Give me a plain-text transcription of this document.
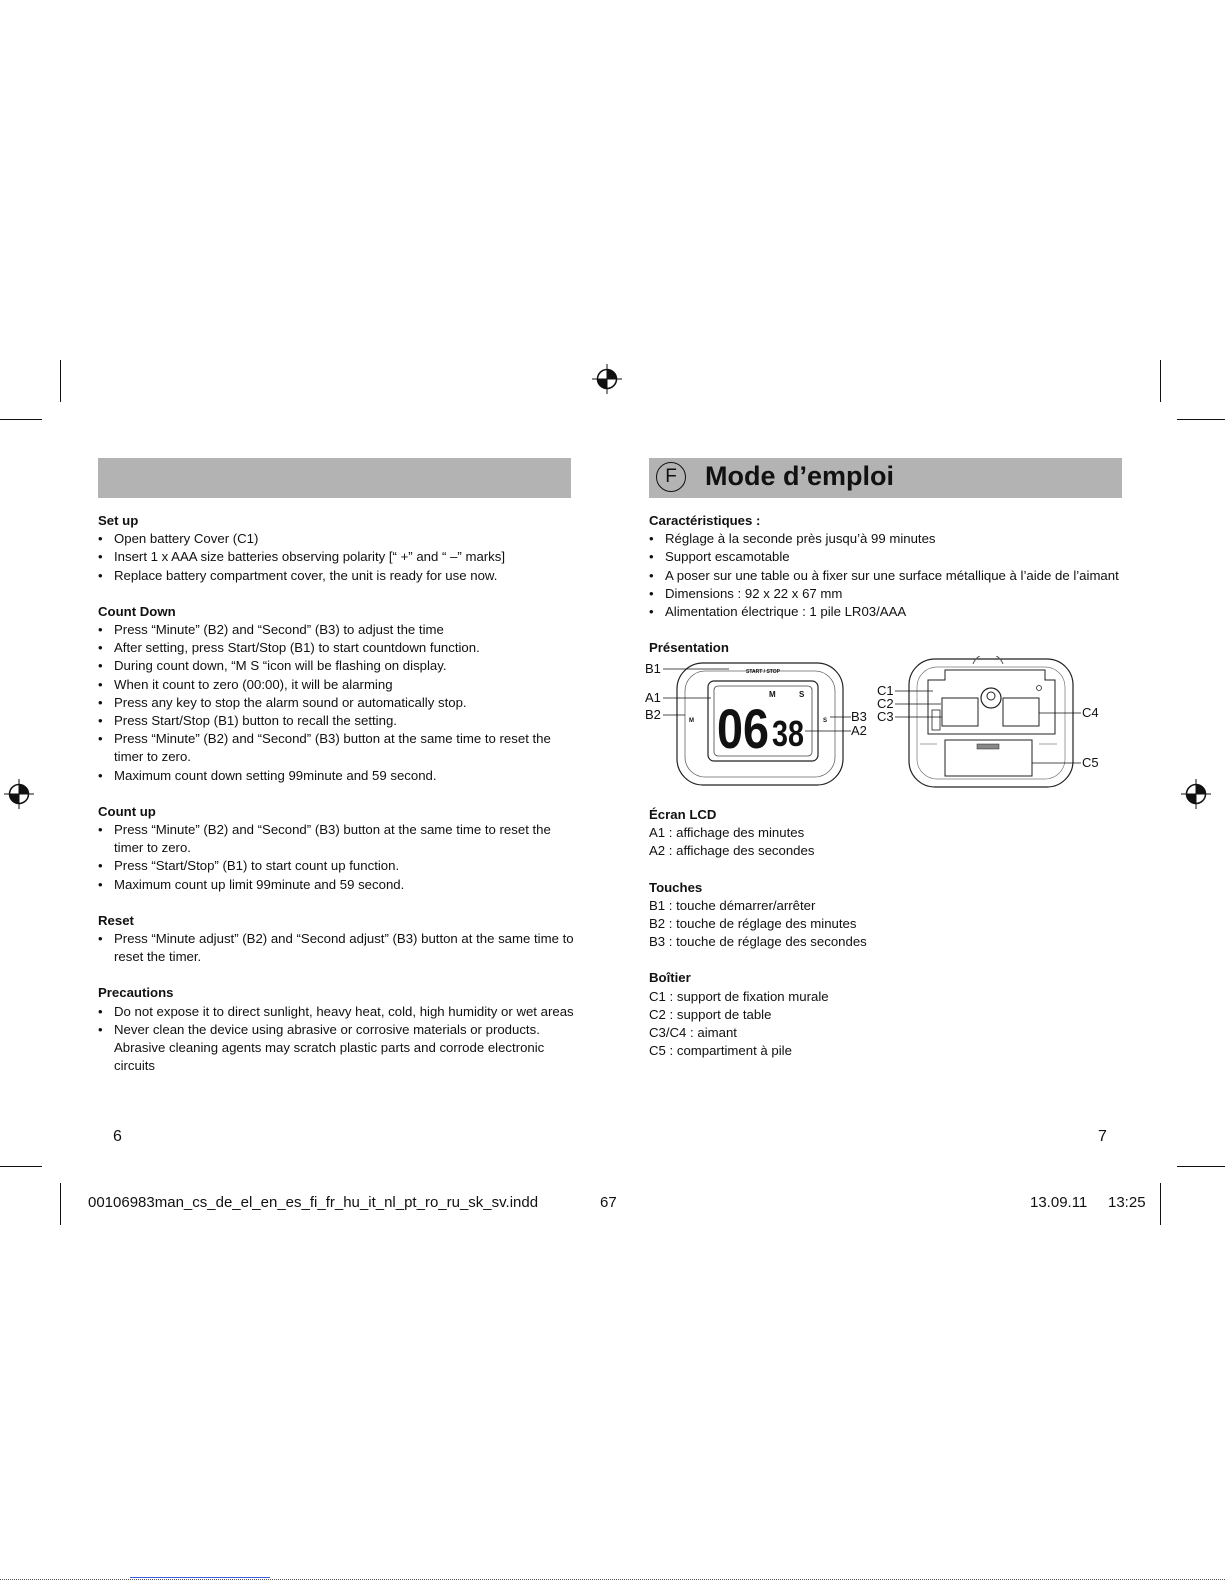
F	Mode d’emploi
Set up
• Open battery Cover (C1)
• Insert 1 x AAA size batteries observing polarity [“ +” and “ –” marks]
• Replace battery compartment cover, the unit is ready for use now.
Count Down
• Press “Minute” (B2) and “Second” (B3) to adjust the time
• After setting, press Start/Stop (B1) to start countdown function.
• During count down, “M S “icon will be flashing on display.
• When it count to zero (00:00), it will be alarming
• Press any key to stop the alarm sound or automatically stop.
• Press Start/Stop (B1) button to recall the setting.
• Press “Minute” (B2) and “Second” (B3) button at the same time to reset the timer to zero.
• Maximum count down setting 99minute and 59 second.
Count up
• Press “Minute” (B2) and “Second” (B3) button at the same time to reset the timer to zero.
• Press “Start/Stop” (B1) to start count up function.
• Maximum count up limit 99minute and 59 second.
Reset
• Press “Minute adjust” (B2) and “Second adjust” (B3) button at the same time to reset the timer.
Precautions
• Do not expose it to direct sunlight, heavy heat, cold, high humidity or wet areas
• Never clean the device using abrasive or corrosive materials or products. Abrasive cleaning agents may scratch plastic parts and corrode electronic circuits
Caractéristiques :
• Réglage à la seconde près jusqu’à 99 minutes
• Support escamotable
• A poser sur une table ou à fixer sur une surface métallique à l’aide de l’aimant
• Dimensions : 92 x 22 x 67 mm
• Alimentation électrique : 1 pile LR03/AAA
Présentation
START / STOP
M	S
06 38
M	S
B1
A1
B2	B3
A2
C1
C2
C3	C4
C5
Écran LCD
A1 : affichage des minutes
A2 : affichage des secondes
Touches
B1 : touche démarrer/arrêter
B2 : touche de réglage des minutes
B3 : touche de réglage des secondes
Boîtier
C1 : support de fixation murale
C2 : support de table
C3/C4 : aimant
C5 : compartiment à pile
6	7
00106983man_cs_de_el_en_es_fi_fr_hu_it_nl_pt_ro_ru_sk_sv.indd	67	13.09.11 13:25
